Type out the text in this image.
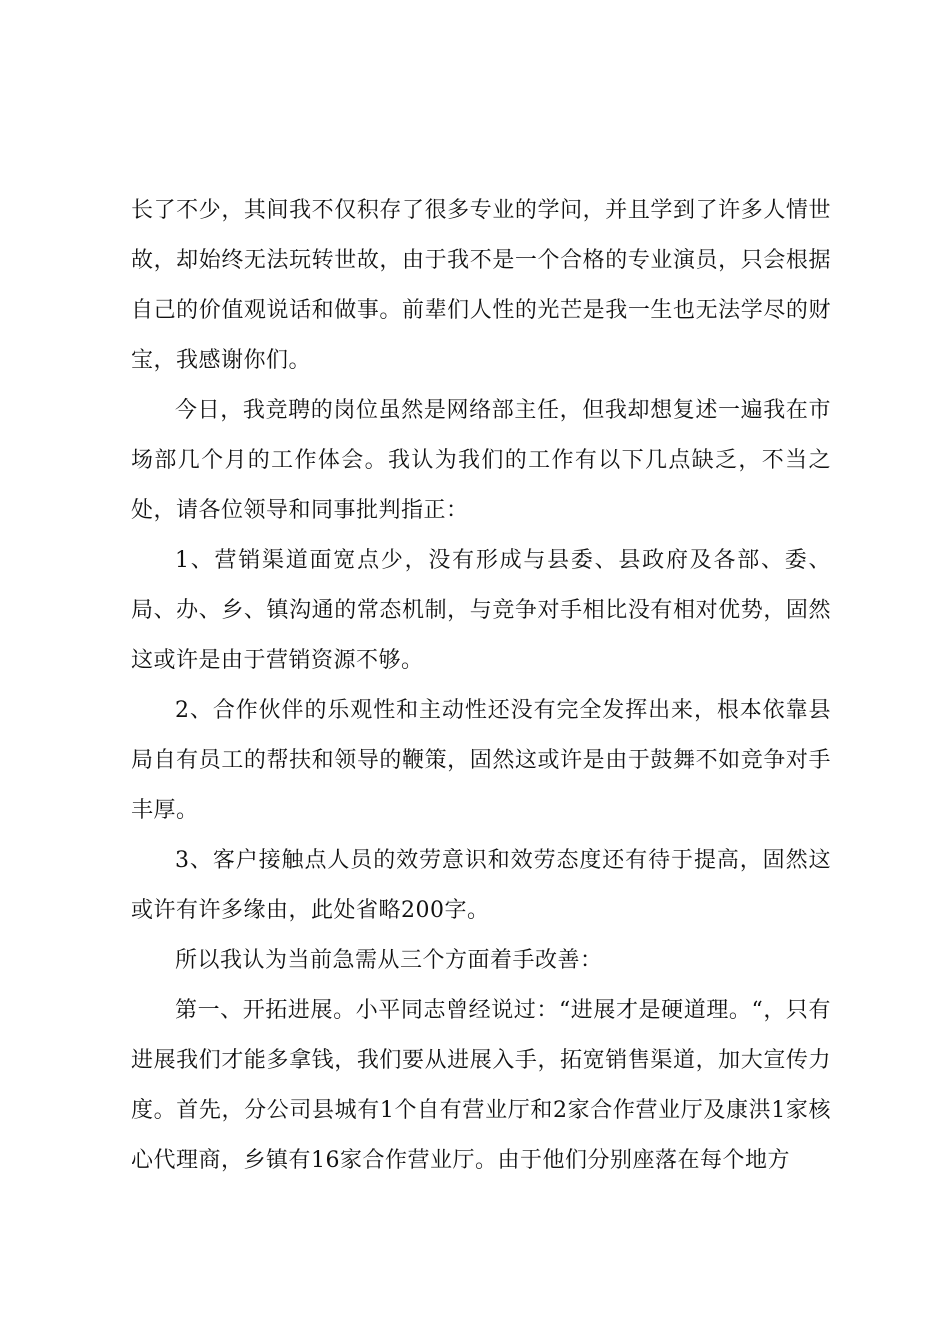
长了不少，其间我不仅积存了很多专业的学问，并且学到了许多人情世故，却始终无法玩转世故，由于我不是一个合格的专业演员，只会根据自己的价值观说话和做事。前辈们人性的光芒是我一生也无法学尽的财宝，我感谢你们。

今日，我竞聘的岗位虽然是网络部主任，但我却想复述一遍我在市场部几个月的工作体会。我认为我们的工作有以下几点缺乏，不当之处，请各位领导和同事批判指正：

1、营销渠道面宽点少，没有形成与县委、县政府及各部、委、局、办、乡、镇沟通的常态机制，与竞争对手相比没有相对优势，固然这或许是由于营销资源不够。

2、合作伙伴的乐观性和主动性还没有完全发挥出来，根本依靠县局自有员工的帮扶和领导的鞭策，固然这或许是由于鼓舞不如竞争对手丰厚。

3、客户接触点人员的效劳意识和效劳态度还有待于提高，固然这或许有许多缘由，此处省略200字。

所以我认为当前急需从三个方面着手改善：

第一、开拓进展。小平同志曾经说过：“进展才是硬道理。“，只有进展我们才能多拿钱，我们要从进展入手，拓宽销售渠道，加大宣传力度。首先，分公司县城有1个自有营业厅和2家合作营业厅及康洪1家核心代理商，乡镇有16家合作营业厅。由于他们分别座落在每个地方
